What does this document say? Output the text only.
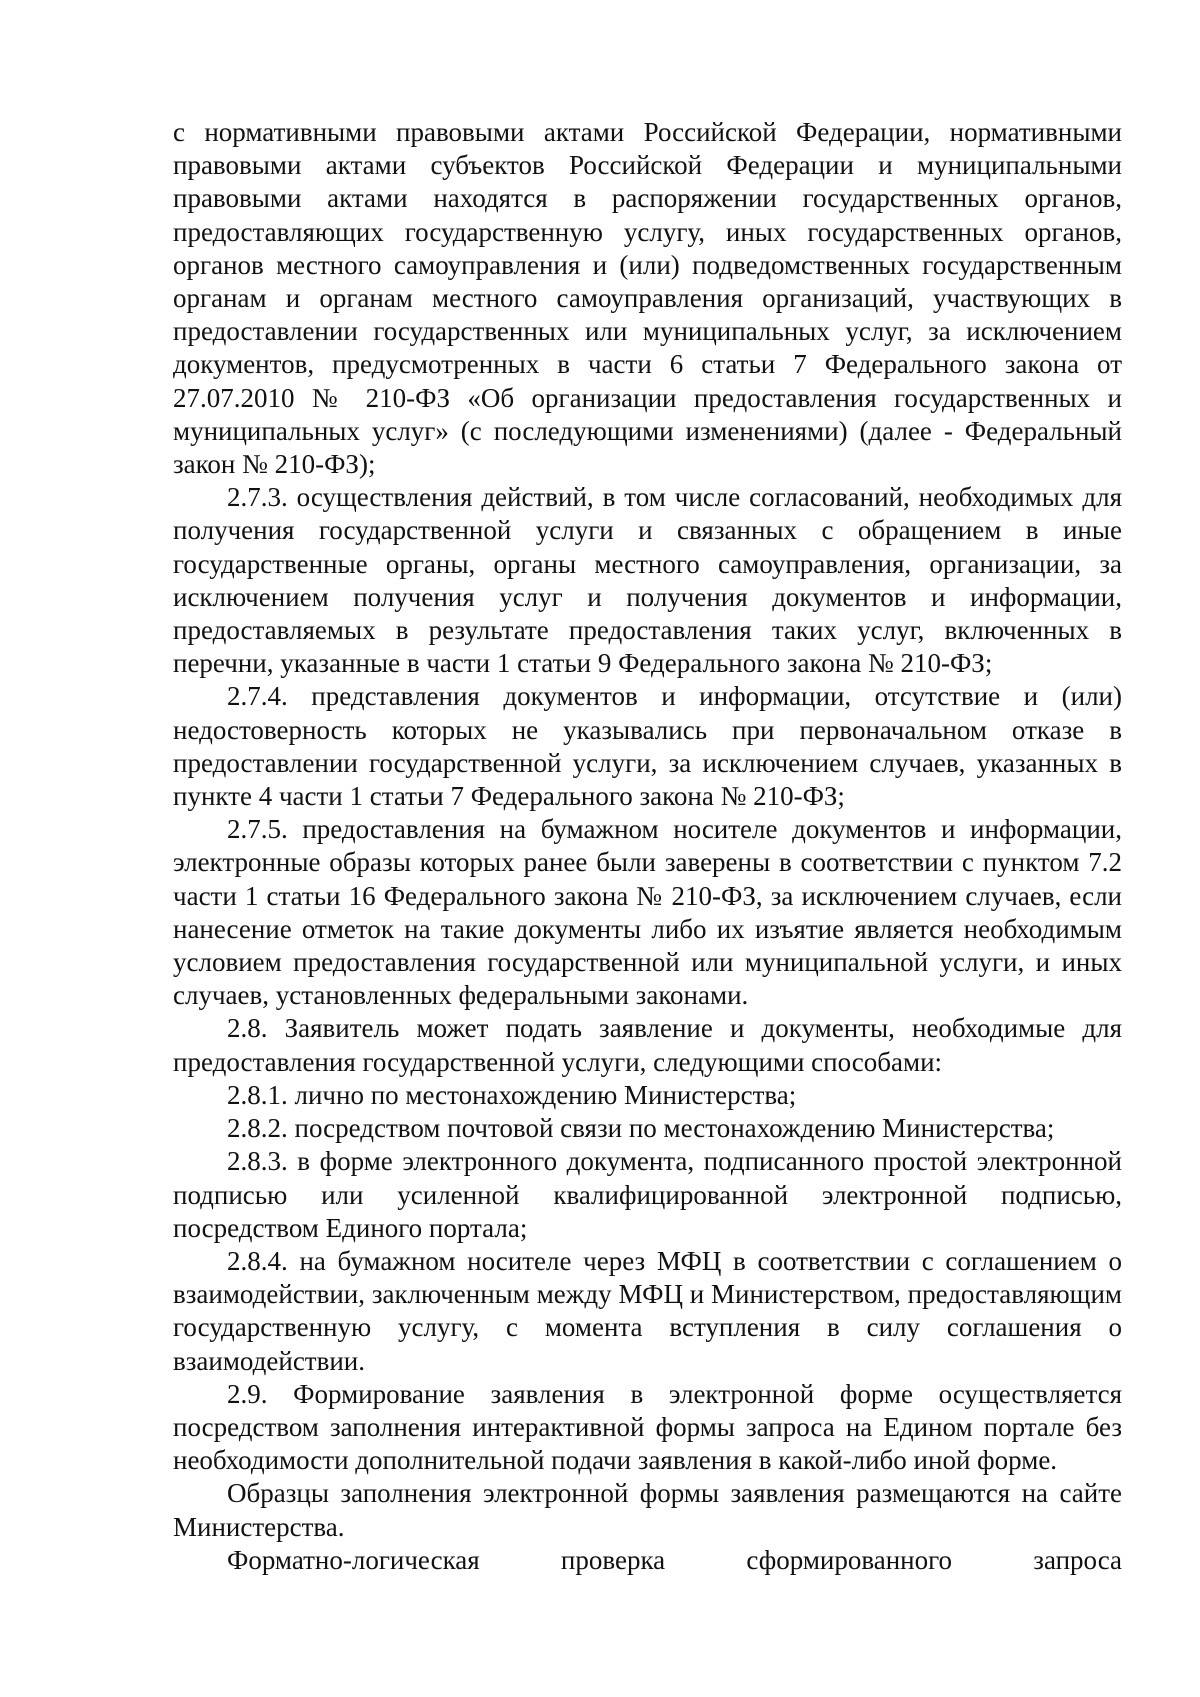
с нормативными правовыми актами Российской Федерации, нормативными правовыми актами субъектов Российской Федерации и муниципальными правовыми актами находятся в распоряжении государственных органов, предоставляющих государственную услугу, иных государственных органов, органов местного самоуправления и (или) подведомственных государственным органам и органам местного самоуправления организаций, участвующих в предоставлении государственных или муниципальных услуг, за исключением документов, предусмотренных в части 6 статьи 7 Федерального закона от 27.07.2010 № 210-ФЗ «Об организации предоставления государственных и муниципальных услуг» (с последующими изменениями) (далее - Федеральный закон № 210-ФЗ);

2.7.3. осуществления действий, в том числе согласований, необходимых для получения государственной услуги и связанных с обращением в иные государственные органы, органы местного самоуправления, организации, за исключением получения услуг и получения документов и информации, предоставляемых в результате предоставления таких услуг, включенных в перечни, указанные в части 1 статьи 9 Федерального закона № 210-ФЗ;

2.7.4. представления документов и информации, отсутствие и (или) недостоверность которых не указывались при первоначальном отказе в предоставлении государственной услуги, за исключением случаев, указанных в пункте 4 части 1 статьи 7 Федерального закона № 210-ФЗ;

2.7.5. предоставления на бумажном носителе документов и информации, электронные образы которых ранее были заверены в соответствии с пунктом 7.2 части 1 статьи 16 Федерального закона № 210-ФЗ, за исключением случаев, если нанесение отметок на такие документы либо их изъятие является необходимым условием предоставления государственной или муниципальной услуги, и иных случаев, установленных федеральными законами.

2.8. Заявитель может подать заявление и документы, необходимые для предоставления государственной услуги, следующими способами:

2.8.1. лично по местонахождению Министерства;

2.8.2. посредством почтовой связи по местонахождению Министерства;

2.8.3. в форме электронного документа, подписанного простой электронной подписью или усиленной квалифицированной электронной подписью, посредством Единого портала;

2.8.4. на бумажном носителе через МФЦ в соответствии с соглашением о взаимодействии, заключенным между МФЦ и Министерством, предоставляющим государственную услугу, с момента вступления в силу соглашения о взаимодействии.

2.9. Формирование заявления в электронной форме осуществляется посредством заполнения интерактивной формы запроса на Едином портале без необходимости дополнительной подачи заявления в какой-либо иной форме.

Образцы заполнения электронной формы заявления размещаются на сайте Министерства.

Форматно-логическая проверка сформированного запроса
